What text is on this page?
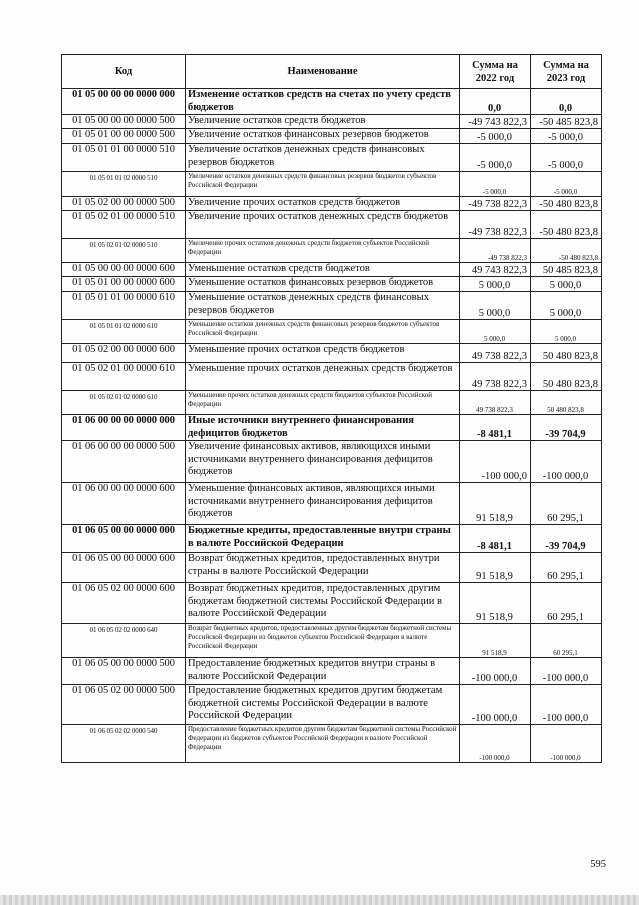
Код	Наименование	Сумма на 2022 год	Сумма на 2023 год
01 05 00 00 00 0000 000	Изменение остатков средств на счетах по учету средств бюджетов	0,0	0,0
01 05 00 00 00 0000 500	Увеличение остатков средств бюджетов	-49 743 822,3	-50 485 823,8
01 05 01 00 00 0000 500	Увеличение остатков финансовых резервов бюджетов	-5 000,0	-5 000,0
01 05 01 01 00 0000 510	Увеличение остатков денежных средств финансовых резервов бюджетов	-5 000,0	-5 000,0
01 05 01 01 02 0000 510	Увеличение остатков денежных средств финансовых резервов бюджетов субъектов Российской Федерации	-5 000,0	-5 000,0
01 05 02 00 00 0000 500	Увеличение прочих остатков средств бюджетов	-49 738 822,3	-50 480 823,8
01 05 02 01 00 0000 510	Увеличение прочих остатков денежных средств бюджетов	-49 738 822,3	-50 480 823,8
01 05 02 01 02 0000 510	Увеличение прочих остатков денежных средств бюджетов субъектов Российской Федерации	-49 738 822,3	-50 480 823,8
01 05 00 00 00 0000 600	Уменьшение остатков средств бюджетов	49 743 822,3	50 485 823,8
01 05 01 00 00 0000 600	Уменьшение остатков финансовых резервов бюджетов	5 000,0	5 000,0
01 05 01 01 00 0000 610	Уменьшение остатков денежных средств финансовых резервов бюджетов	5 000,0	5 000,0
01 05 01 01 02 0000 610	Уменьшение остатков денежных средств финансовых резервов бюджетов субъектов Российской Федерации	5 000,0	5 000,0
01 05 02 00 00 0000 600	Уменьшение прочих остатков средств бюджетов	49 738 822,3	50 480 823,8
01 05 02 01 00 0000 610	Уменьшение прочих остатков денежных средств бюджетов	49 738 822,3	50 480 823,8
01 05 02 01 02 0000 610	Уменьшение прочих остатков денежных средств бюджетов субъектов Российской Федерации	49 738 822,3	50 480 823,8
01 06 00 00 00 0000 000	Иные источники внутреннего финансирования дефицитов бюджетов	-8 481,1	-39 704,9
01 06 00 00 00 0000 500	Увеличение финансовых активов, являющихся иными источниками внутреннего финансирования дефицитов бюджетов	-100 000,0	-100 000,0
01 06 00 00 00 0000 600	Уменьшение финансовых активов, являющихся иными источниками внутреннего финансирования дефицитов бюджетов	91 518,9	60 295,1
01 06 05 00 00 0000 000	Бюджетные кредиты, предоставленные внутри страны в валюте Российской Федерации	-8 481,1	-39 704,9
01 06 05 00 00 0000 600	Возврат бюджетных кредитов, предоставленных внутри страны в валюте Российской Федерации	91 518,9	60 295,1
01 06 05 02 00 0000 600	Возврат бюджетных кредитов, предоставленных другим бюджетам бюджетной системы Российской Федерации в валюте Российской Федерации	91 518,9	60 295,1
01 06 05 02 02 0000 640	Возврат бюджетных кредитов, предоставленных другим бюджетам бюджетной системы Российской Федерации из бюджетов субъектов Российской Федерации в валюте Российской Федерации	91 518,9	60 295,1
01 06 05 00 00 0000 500	Предоставление бюджетных кредитов внутри страны в валюте Российской Федерации	-100 000,0	-100 000,0
01 06 05 02 00 0000 500	Предоставление бюджетных кредитов другим бюджетам бюджетной системы Российской Федерации в валюте Российской Федерации	-100 000,0	-100 000,0
01 06 05 02 02 0000 540	Предоставление бюджетных кредитов другим бюджетам бюджетной системы Российской Федерации из бюджетов субъектов Российской Федерации в валюте Российской Федерации	-100 000,0	-100 000,0
595
